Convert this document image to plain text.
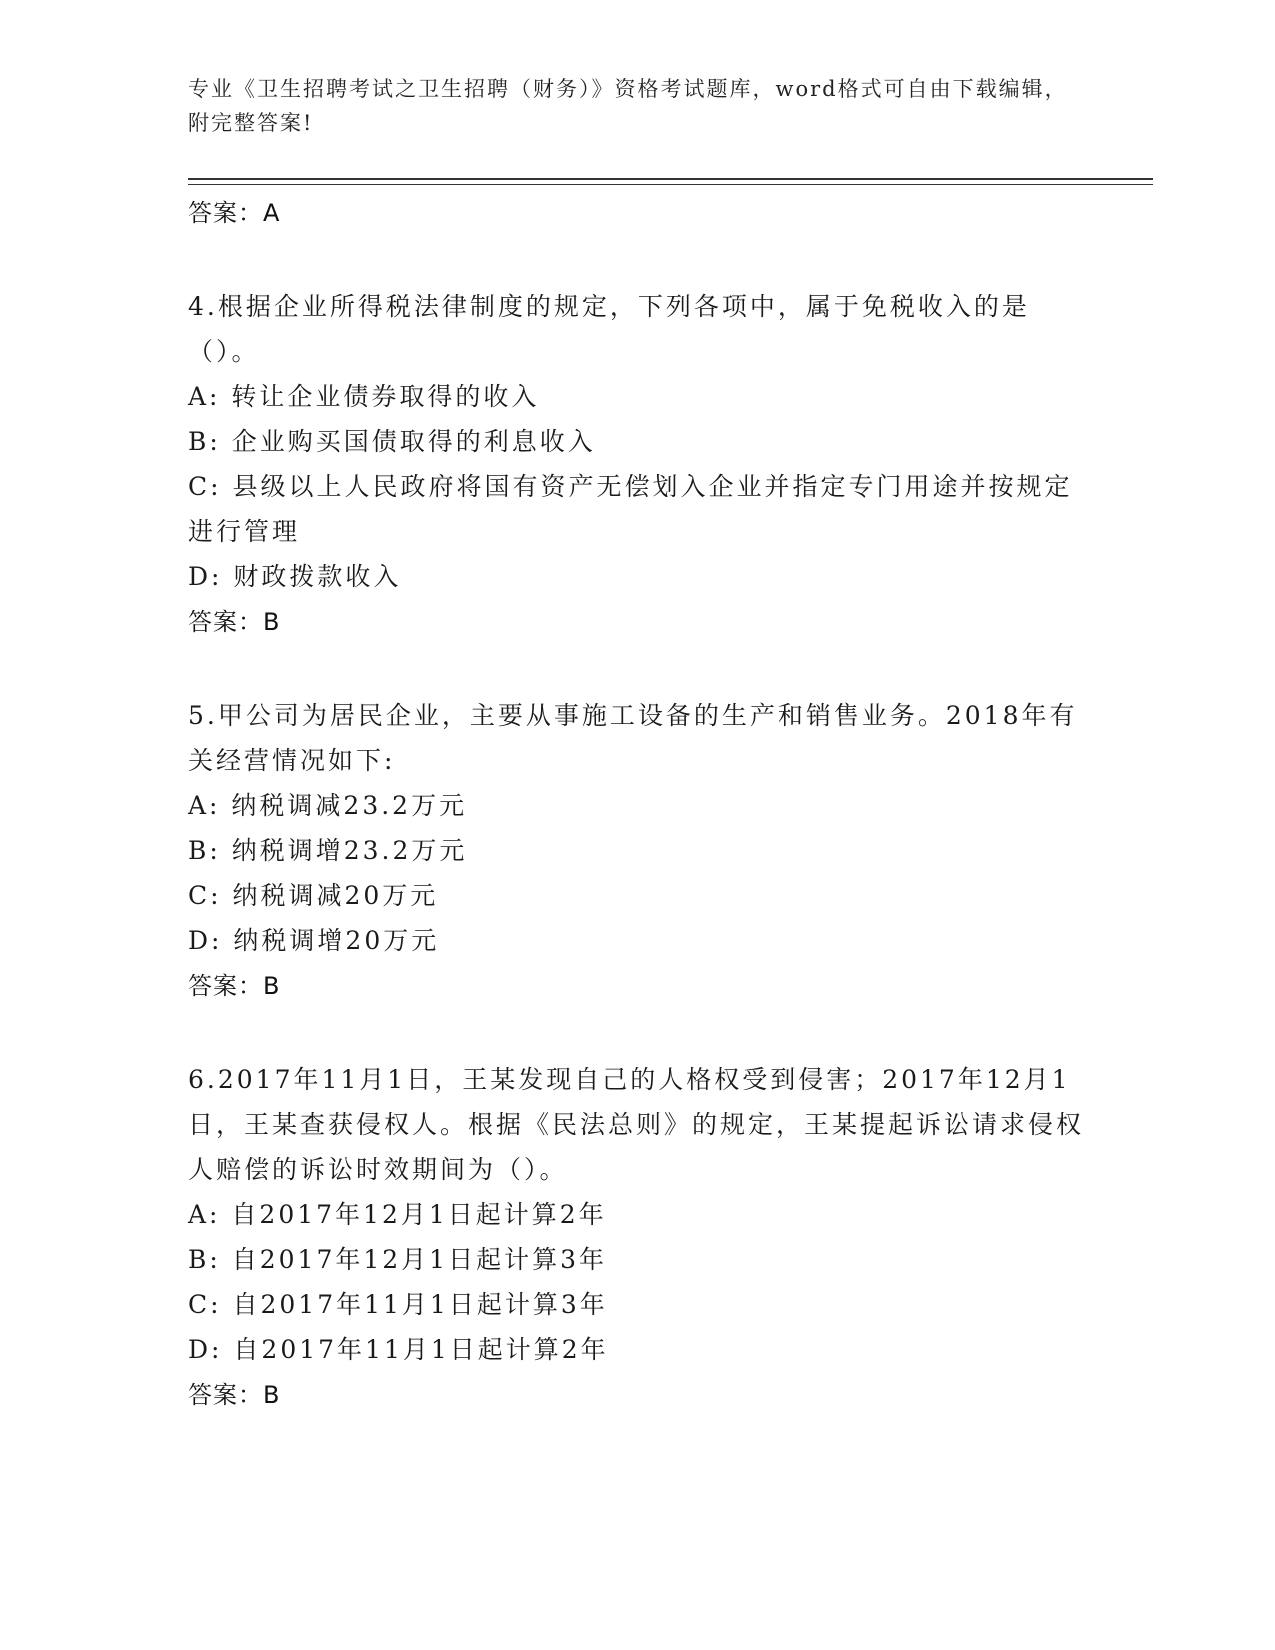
专业《卫生招聘考试之卫生招聘（财务）》资格考试题库，word格式可自由下载编辑，附完整答案!
答案：A
4.根据企业所得税法律制度的规定，下列各项中，属于免税收入的是（）。
A: 转让企业债券取得的收入
B: 企业购买国债取得的利息收入
C: 县级以上人民政府将国有资产无偿划入企业并指定专门用途并按规定进行管理
D: 财政拨款收入
答案：B
5.甲公司为居民企业，主要从事施工设备的生产和销售业务。2018年有关经营情况如下:
A: 纳税调减23.2万元
B: 纳税调增23.2万元
C: 纳税调减20万元
D: 纳税调增20万元
答案：B
6.2017年11月1日，王某发现自己的人格权受到侵害；2017年12月1日，王某查获侵权人。根据《民法总则》的规定，王某提起诉讼请求侵权人赔偿的诉讼时效期间为（）。
A: 自2017年12月1日起计算2年
B: 自2017年12月1日起计算3年
C: 自2017年11月1日起计算3年
D: 自2017年11月1日起计算2年
答案：B
